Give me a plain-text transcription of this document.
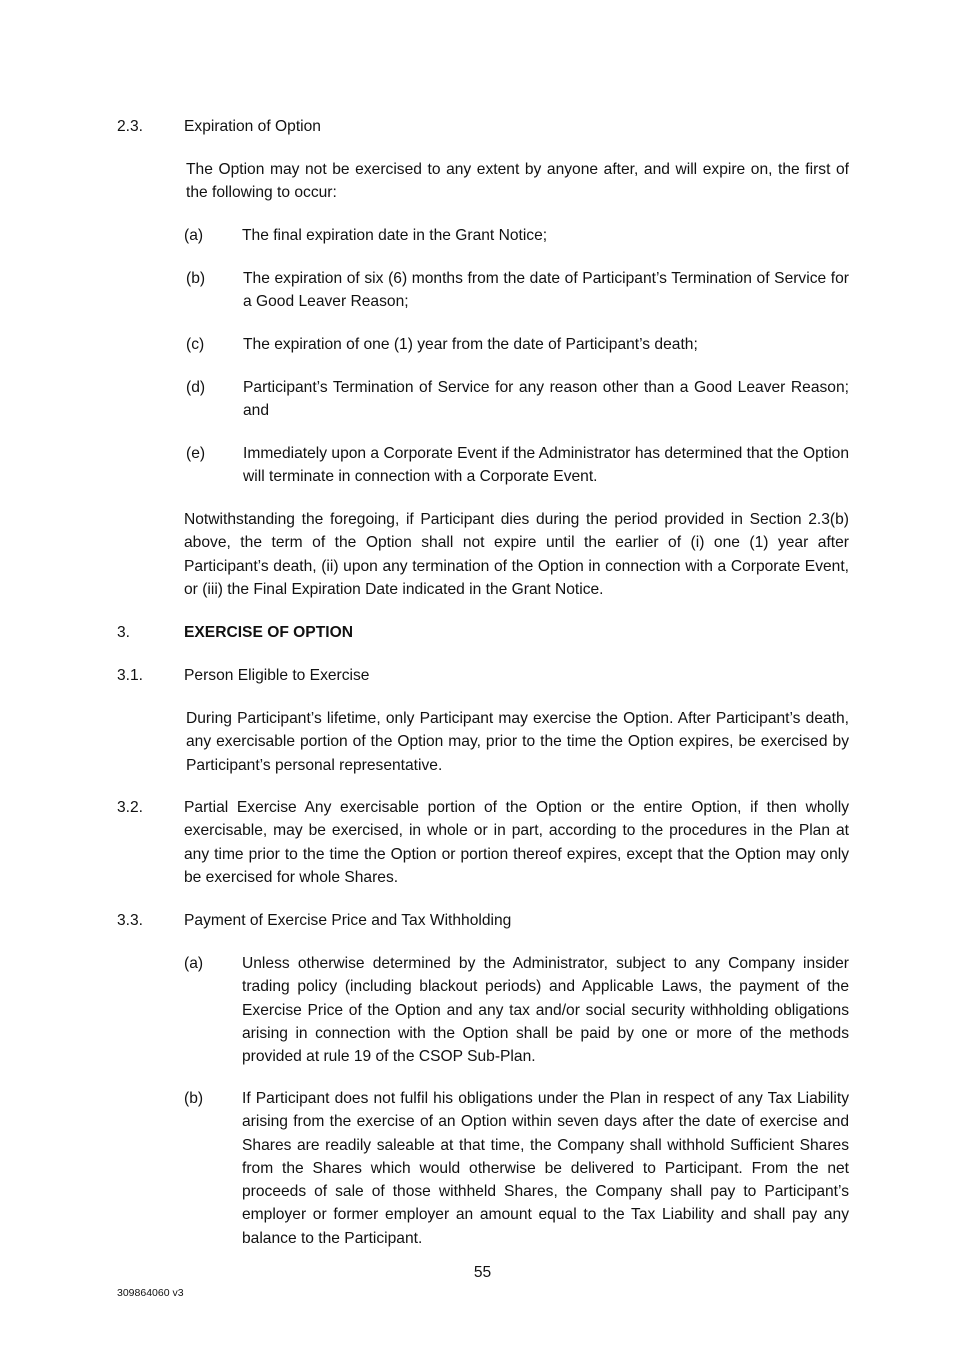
2.3.	Expiration of Option
The Option may not be exercised to any extent by anyone after, and will expire on, the first of the following to occur:
(a) The final expiration date in the Grant Notice;
(b) The expiration of six (6) months from the date of Participant’s Termination of Service for a Good Leaver Reason;
(c) The expiration of one (1) year from the date of Participant’s death;
(d) Participant’s Termination of Service for any reason other than a Good Leaver Reason; and
(e) Immediately upon a Corporate Event if the Administrator has determined that the Option will terminate in connection with a Corporate Event.
Notwithstanding the foregoing, if Participant dies during the period provided in Section 2.3(b) above, the term of the Option shall not expire until the earlier of (i) one (1) year after Participant’s death, (ii) upon any termination of the Option in connection with a Corporate Event, or (iii) the Final Expiration Date indicated in the Grant Notice.
3.	EXERCISE OF OPTION
3.1.	Person Eligible to Exercise
During Participant’s lifetime, only Participant may exercise the Option. After Participant’s death, any exercisable portion of the Option may, prior to the time the Option expires, be exercised by Participant’s personal representative.
3.2.	Partial Exercise Any exercisable portion of the Option or the entire Option, if then wholly exercisable, may be exercised, in whole or in part, according to the procedures in the Plan at any time prior to the time the Option or portion thereof expires, except that the Option may only be exercised for whole Shares.
3.3.	Payment of Exercise Price and Tax Withholding
(a) Unless otherwise determined by the Administrator, subject to any Company insider trading policy (including blackout periods) and Applicable Laws, the payment of the Exercise Price of the Option and any tax and/or social security withholding obligations arising in connection with the Option shall be paid by one or more of the methods provided at rule 19 of the CSOP Sub-Plan.
(b) If Participant does not fulfil his obligations under the Plan in respect of any Tax Liability arising from the exercise of an Option within seven days after the date of exercise and Shares are readily saleable at that time, the Company shall withhold Sufficient Shares from the Shares which would otherwise be delivered to Participant. From the net proceeds of sale of those withheld Shares, the Company shall pay to Participant’s employer or former employer an amount equal to the Tax Liability and shall pay any balance to the Participant.
55
309864060 v3
